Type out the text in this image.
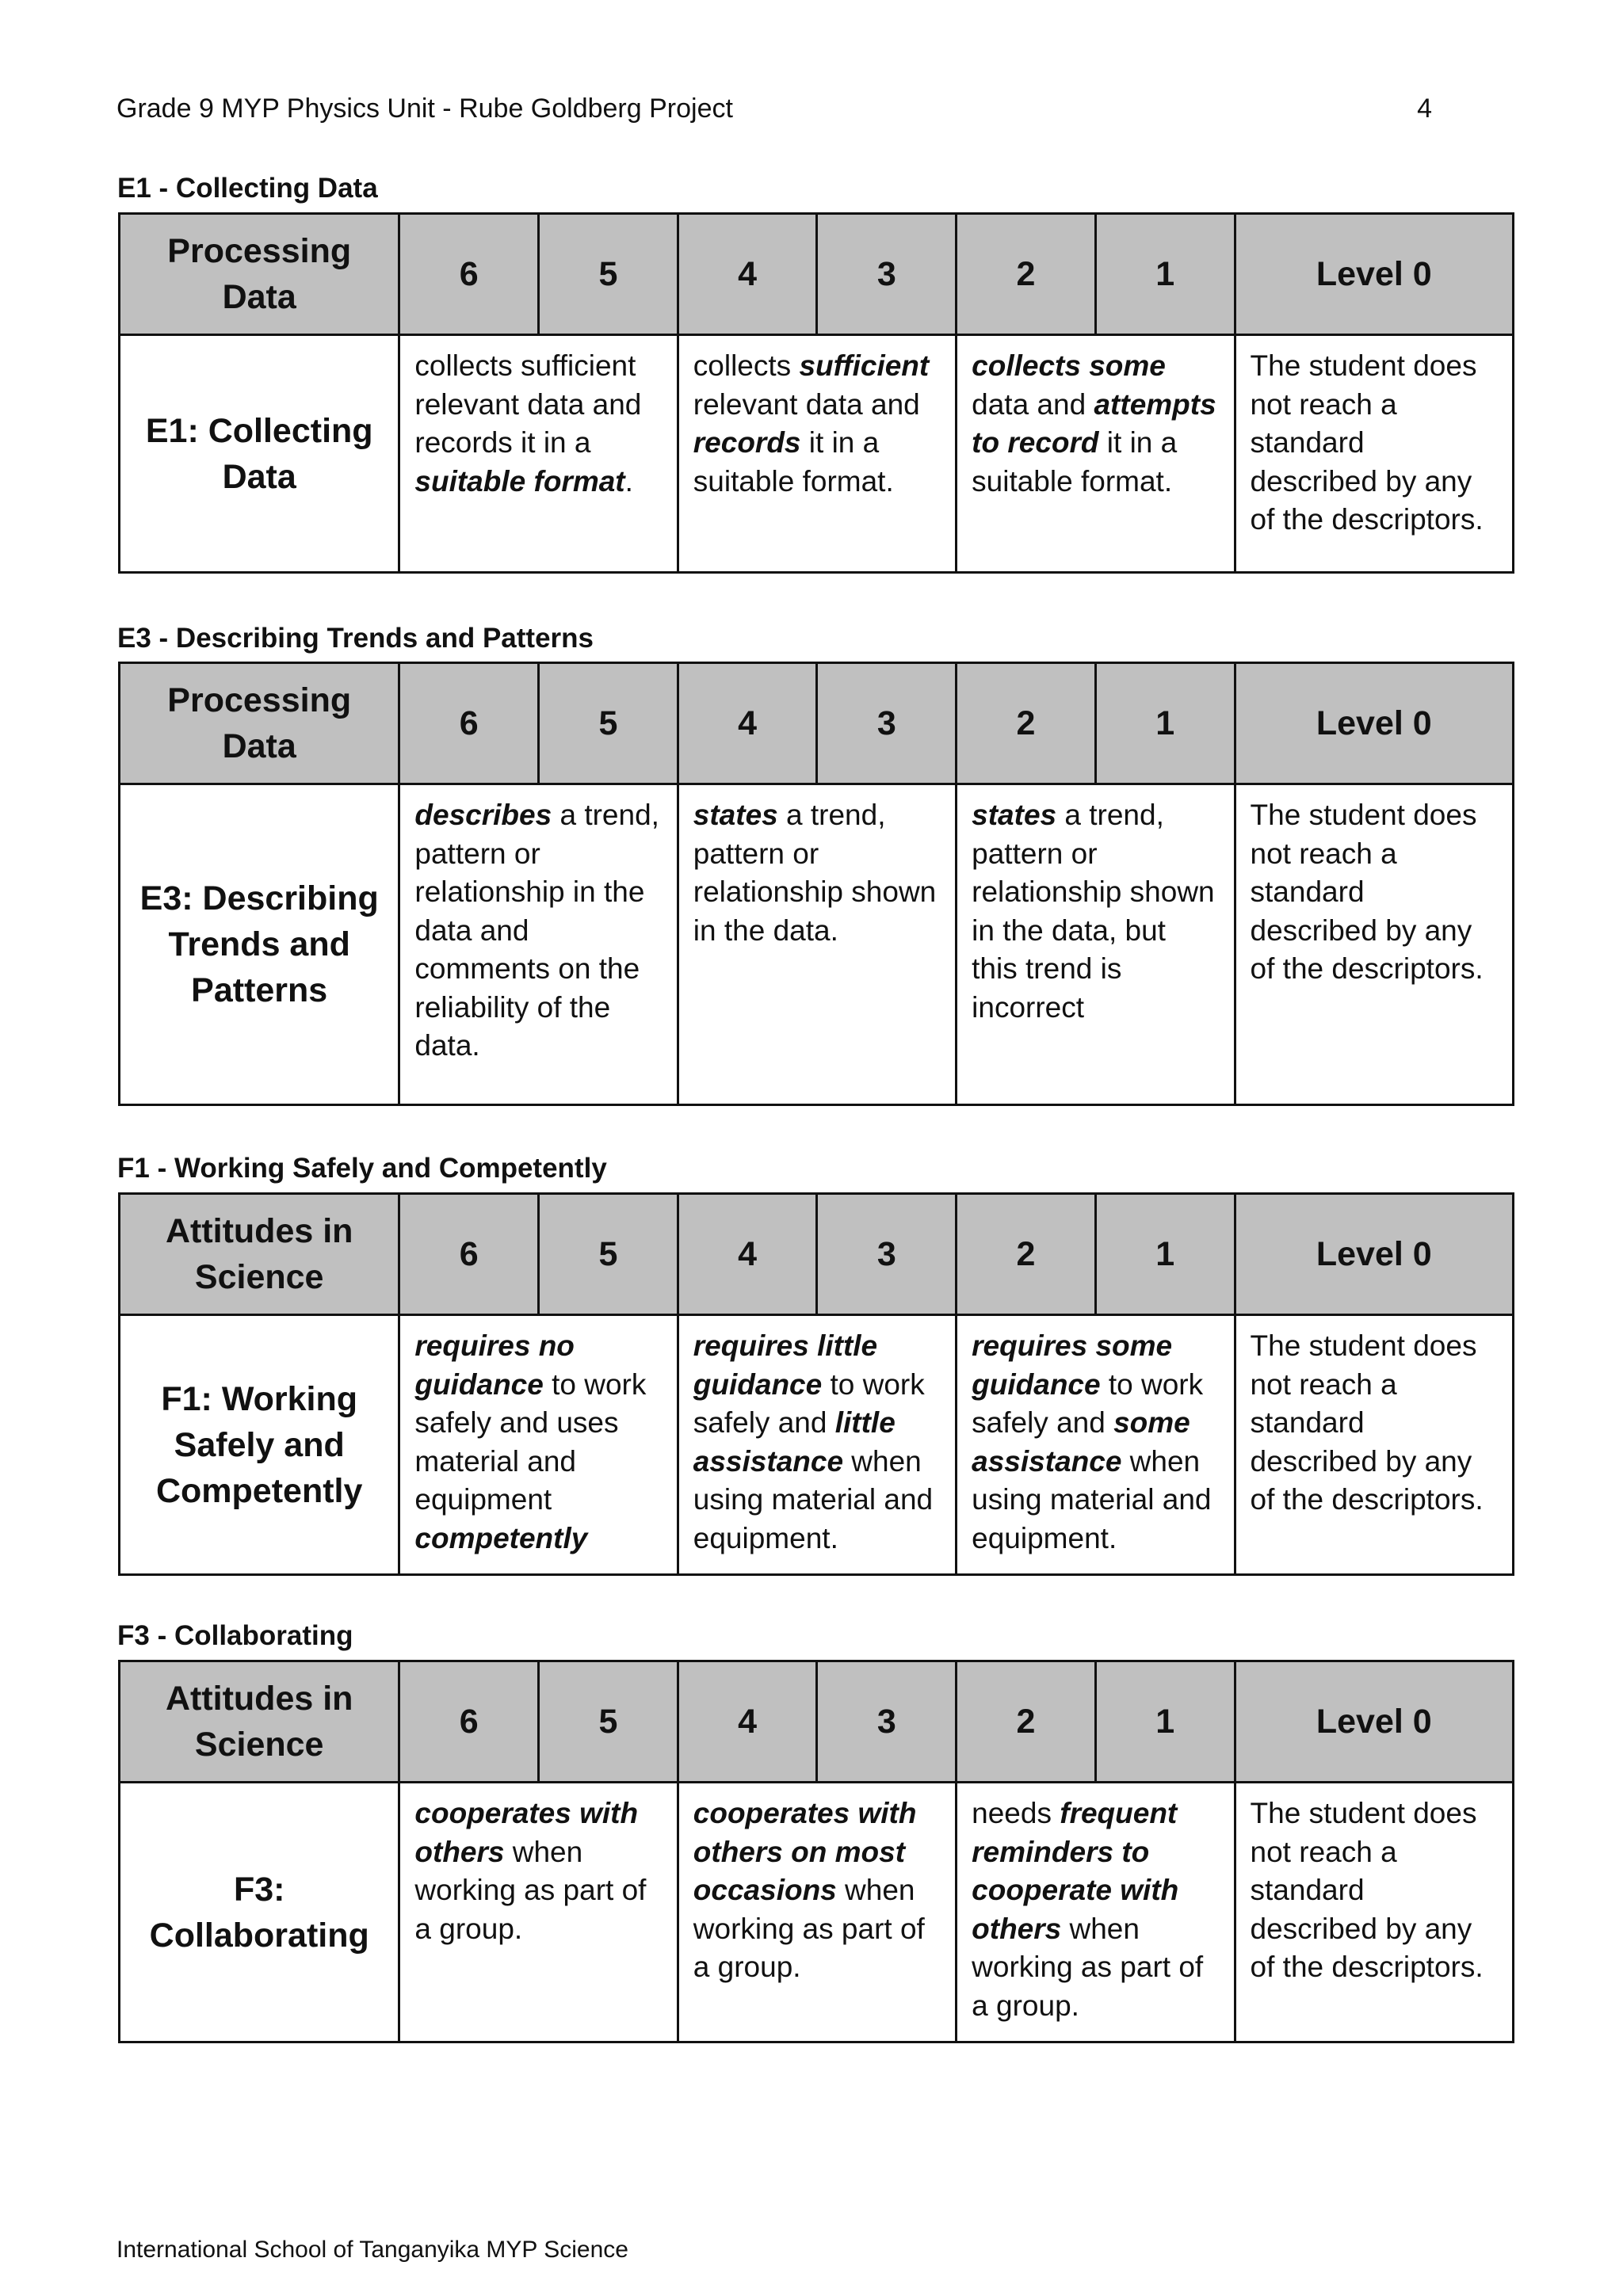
Grade 9 MYP Physics Unit - Rube Goldberg Project	4
E1 - Collecting Data
Processing Data	6	5	4	3	2	1	Level 0
E1: Collecting Data	collects sufficient relevant data and records it in a suitable format.		collects sufficient relevant data and records it in a suitable format.		collects some data and attempts to record it in a suitable format.		The student does not reach a standard described by any of the descriptors.
E3 - Describing Trends and Patterns
Processing Data	6	5	4	3	2	1	Level 0
E3: Describing Trends and Patterns	describes a trend, pattern or relationship in the data and comments on the reliability of the data.		states a trend, pattern or relationship shown in the data.		states a trend, pattern or relationship shown in the data, but this trend is incorrect		The student does not reach a standard described by any of the descriptors.
F1 - Working Safely and Competently
Attitudes in Science	6	5	4	3	2	1	Level 0
F1: Working Safely and Competently	requires no guidance to work safely and uses material and equipment competently		requires little guidance to work safely and little assistance when using material and equipment.		requires some guidance to work safely and some assistance when using material and equipment.		The student does not reach a standard described by any of the descriptors.
F3 - Collaborating
Attitudes in Science	6	5	4	3	2	1	Level 0
F3: Collaborating	cooperates with others when working as part of a group.		cooperates with others on most occasions when working as part of a group.		needs frequent reminders to cooperate with others when working as part of a group.		The student does not reach a standard described by any of the descriptors.
International School of Tanganyika MYP Science
